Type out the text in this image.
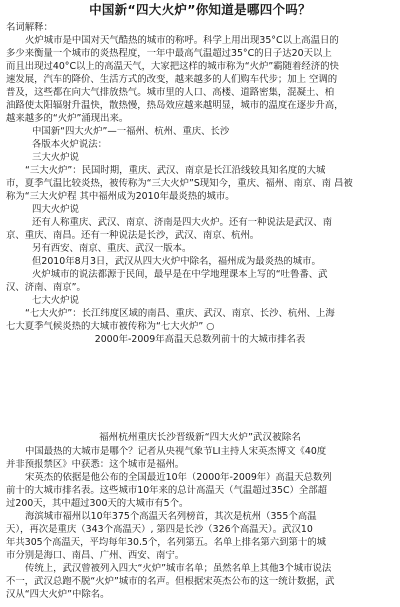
中国新“四大火炉”你知道是哪四个吗？
名词解释：
火炉城市是中国对天气酷热的城市的称呼。科学上用出现35°C以上高温日的
多少来衡量一个城市的炎热程度，一年中最高气温超过35°C的日子达20天以上
而且出现过40°C以上的高温天气，大家把这样的城市称为“火炉”霸随着经济的快
速发展，汽车的降价、生活方式的改变，越来越多的人们购车代步；加上 空调的
普及，这些都在向大气排放热气。城市里的人口、高楼、道路密集，混凝土、柏
油路使太阳辐射升温快，散热慢，热岛效应越来越明显，城市的温度在逐步升高，
越来越多的“火炉”涌现出来。
中国新“四大火炉”—一福州、杭州、重庆、长沙
各版本火炉说法：
三大火炉说
“三大火炉”：民国时期，重庆、武汉、南京是长江沿线较具知名度的大城
市，夏季气温比较炎热，被传称为“三大火炉”S现知今，重庆、福州、南京、南 昌被
称为“三大火炉程 其中福州成为2010年最炎热的城市。
四大火炉说
还有人称重庆、武汉、南京、济南是四大火炉。还有一种说法是武汉、南
京、重庆、南昌。还有一种说法是长沙，武汉、南京、杭州。
另有西安、南京、重庆、武汉一版本。
但2010年8月3日，武汉从四大火炉中除名，福州成为最炎热的城市。
火炉城市的说法都源于民间，最早是在中学地理课本上写的“吐鲁番、武
汉、济南、南京”。
七大火炉说
“七大火炉”：长江纬度区域的南昌、重庆、武汉、南京、长沙、杭州、上海
七大夏季气候炎热的大城市被传称为“七大火炉” ○
2000年-2009年高温天总数列前十的大城市排名表
福州杭州重庆长沙晋级新“四大火炉”武汉被除名
中国最热的大城市是哪个？记者从央视气象节LI主持人宋英杰博文《40度
并非预报禁区》中获悉：这个城市是福州。
宋英杰的依据是他公布的全国最近10年（2000年-2009年）高温天总数列
前十的大城市排名表。这些城市10年来的总计高温天（气温超过35C）全部超
过200天，其中超过300天的大城市有5个。
海滨城市福州以10年375个高温天名列榜首，其次是杭州（355个高温
天），再次是重庆（343个高温天）, 第四是长沙（326个高温天）。武汉10
年共305个高温天，平均每年30.5个，名列第五。名单上排名第六到第十的城
市分别是海口、南昌、广州、西安、南宁。
传统上，武汉曾被列入四大“火炉”城市名单；虽然名单上其他3个城市说法
不一，武汉总跑不脱“火炉”城市的名声。但根据宋英杰公布的这一统计数据，武
汉从“四大火炉”中除名。
